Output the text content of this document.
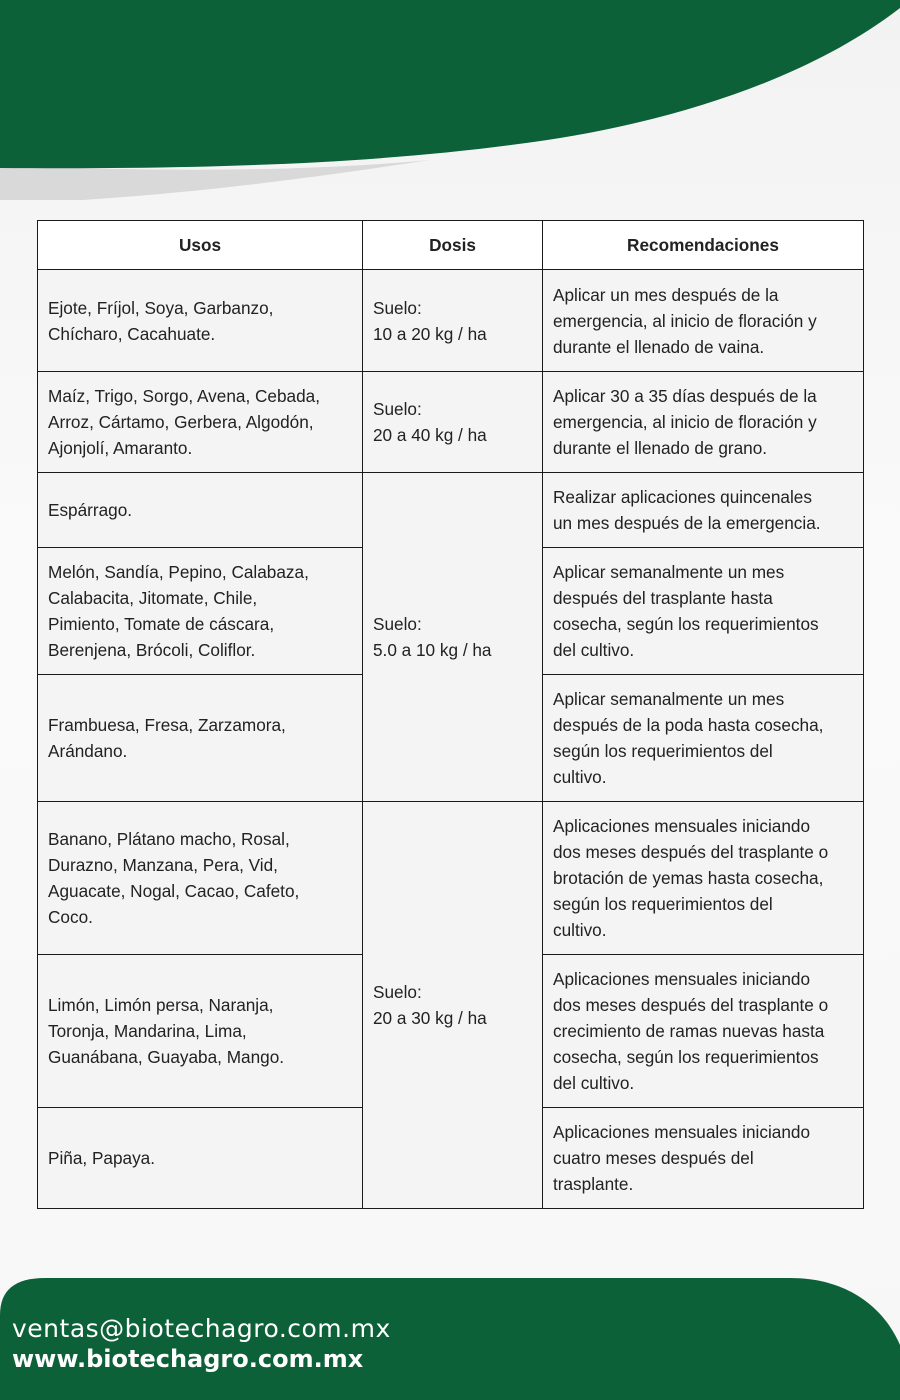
Usos	Dosis	Recomendaciones

Ejote, Fríjol, Soya, Garbanzo,
Chícharo, Cacahuate.	Suelo:
10 a 20 kg / ha	Aplicar un mes después de la
emergencia, al inicio de floración y
durante el llenado de vaina.

Maíz, Trigo, Sorgo, Avena, Cebada,
Arroz, Cártamo, Gerbera, Algodón,
Ajonjolí, Amaranto.	Suelo:
20 a 40 kg / ha	Aplicar 30 a 35 días después de la
emergencia, al inicio de floración y
durante el llenado de grano.

Espárrago.	Suelo:
5.0 a 10 kg / ha	Realizar aplicaciones quincenales
un mes después de la emergencia.

Melón, Sandía, Pepino, Calabaza,
Calabacita, Jitomate, Chile,
Pimiento, Tomate de cáscara,
Berenjena, Brócoli, Coliflor.		Aplicar semanalmente un mes
después del trasplante hasta
cosecha, según los requerimientos
del cultivo.

Frambuesa, Fresa, Zarzamora,
Arándano.		Aplicar semanalmente un mes
después de la poda hasta cosecha,
según los requerimientos del
cultivo.

Banano, Plátano macho, Rosal,
Durazno, Manzana, Pera, Vid,
Aguacate, Nogal, Cacao, Cafeto,
Coco.	Suelo:
20 a 30 kg / ha	Aplicaciones mensuales iniciando
dos meses después del trasplante o
brotación de yemas hasta cosecha,
según los requerimientos del
cultivo.

Limón, Limón persa, Naranja,
Toronja, Mandarina, Lima,
Guanábana, Guayaba, Mango.		Aplicaciones mensuales iniciando
dos meses después del trasplante o
crecimiento de ramas nuevas hasta
cosecha, según los requerimientos
del cultivo.

Piña, Papaya.		Aplicaciones mensuales iniciando
cuatro meses después del
trasplante.
ventas@biotechagro.com.mx
www.biotechagro.com.mx
